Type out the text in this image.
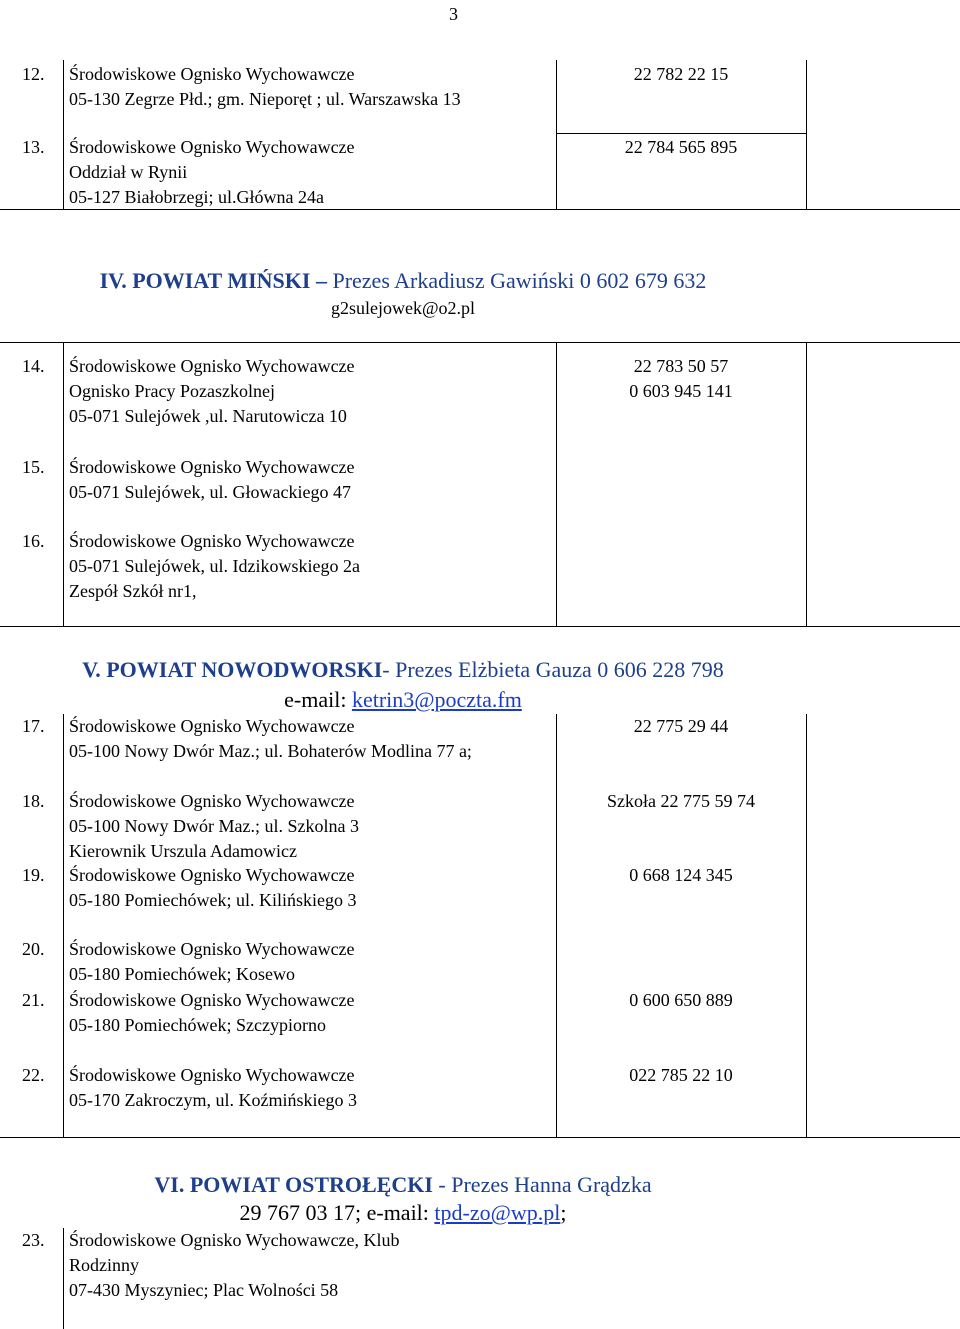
3
12. Środowiskowe Ognisko Wychowawcze
05-130 Zegrze Płd.; gm. Nieporęt ; ul. Warszawska 13
22 782 22 15
13. Środowiskowe Ognisko Wychowawcze
Oddział w Rynii
05-127 Białobrzegi; ul.Główna 24a
22 784 565 895
14. Środowiskowe Ognisko Wychowawcze
Ognisko Pracy Pozaszkolnej
05-071 Sulejówek ,ul. Narutowicza 10
22 783 50 57
0 603 945 141
15. Środowiskowe Ognisko Wychowawcze
05-071 Sulejówek, ul. Głowackiego 47
16. Środowiskowe Ognisko Wychowawcze
05-071 Sulejówek, ul. Idzikowskiego 2a
Zespół Szkół nr1,
17. Środowiskowe Ognisko Wychowawcze
05-100 Nowy Dwór Maz.; ul. Bohaterów Modlina 77 a;
22 775 29 44
18. Środowiskowe Ognisko Wychowawcze
05-100 Nowy Dwór Maz.; ul. Szkolna 3
Kierownik Urszula Adamowicz
Szkoła 22 775 59 74
19. Środowiskowe Ognisko Wychowawcze
05-180 Pomiechówek; ul. Kilińskiego 3
0 668 124 345
20. Środowiskowe Ognisko Wychowawcze
05-180 Pomiechówek; Kosewo
21. Środowiskowe Ognisko Wychowawcze
05-180 Pomiechówek; Szczypiorno
0 600 650 889
22. Środowiskowe Ognisko Wychowawcze
05-170 Zakroczym, ul. Koźmińskiego 3
022 785 22 10
23. Środowiskowe Ognisko Wychowawcze, Klub
Rodzinny
07-430 Myszyniec; Plac Wolności 58
IV. POWIAT MIŃSKI – Prezes Arkadiusz Gawiński 0 602 679 632
g2sulejowek@o2.pl
V. POWIAT NOWODWORSKI- Prezes Elżbieta Gauza 0 606 228 798
e-mail: ketrin3@poczta.fm
VI. POWIAT OSTROŁĘCKI - Prezes Hanna Grądzka
29 767 03 17; e-mail: tpd-zo@wp.pl;
